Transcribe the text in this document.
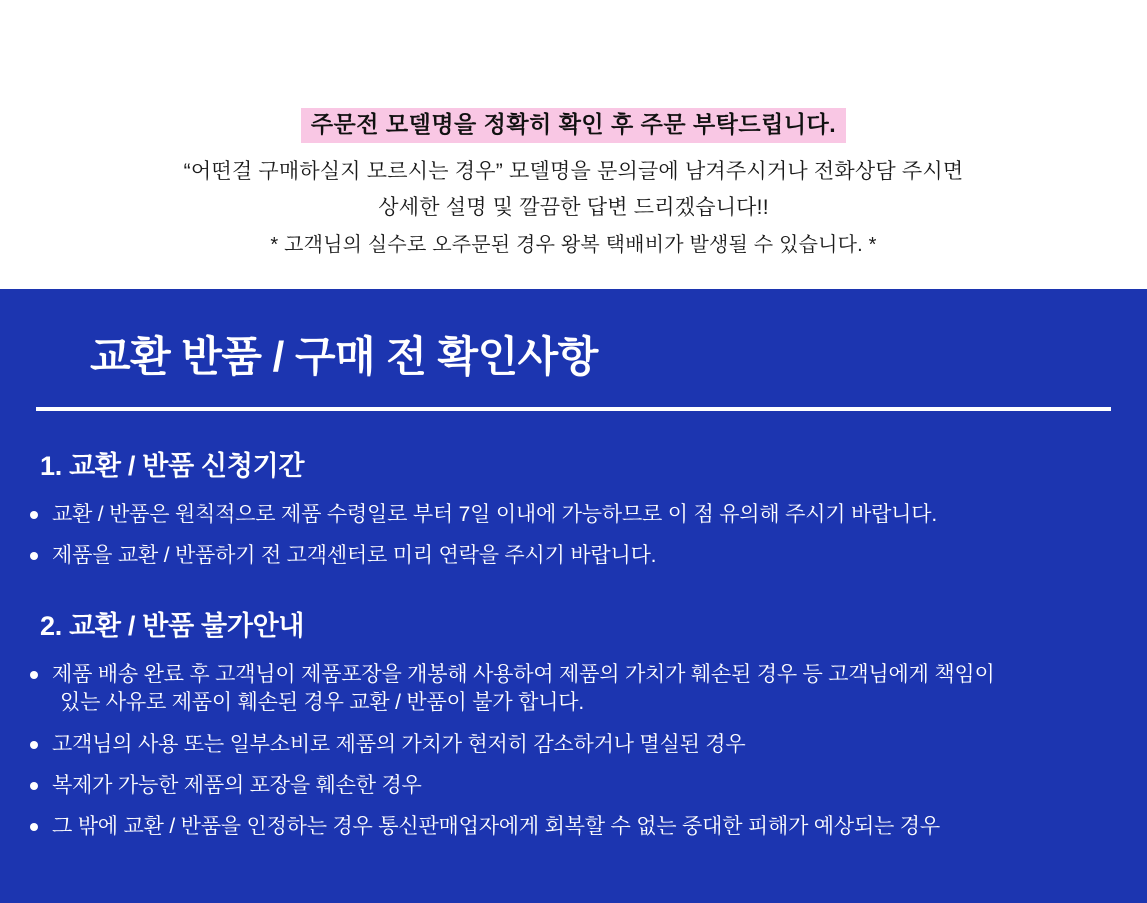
주문전 모델명을 정확히 확인 후 주문 부탁드립니다.
“어떤걸 구매하실지 모르시는 경우” 모델명을 문의글에 남겨주시거나 전화상담 주시면
상세한 설명 및 깔끔한 답변 드리겠습니다!!
* 고객님의 실수로 오주문된 경우 왕복 택배비가 발생될 수 있습니다. *
교환 반품 / 구매 전 확인사항
1. 교환 / 반품 신청기간
교환 / 반품은 원칙적으로 제품 수령일로 부터 7일 이내에 가능하므로 이 점 유의해 주시기 바랍니다.
제품을 교환 / 반품하기 전 고객센터로 미리 연락을 주시기 바랍니다.
2. 교환 / 반품 불가안내
제품 배송 완료 후 고객님이 제품포장을 개봉해 사용하여 제품의 가치가 훼손된 경우 등 고객님에게 책임이
있는 사유로 제품이 훼손된 경우 교환 / 반품이 불가 합니다.
고객님의 사용 또는 일부소비로 제품의 가치가 현저히 감소하거나 멸실된 경우
복제가 가능한 제품의 포장을 훼손한 경우
그 밖에 교환 / 반품을 인정하는 경우 통신판매업자에게 회복할 수 없는 중대한 피해가 예상되는 경우
